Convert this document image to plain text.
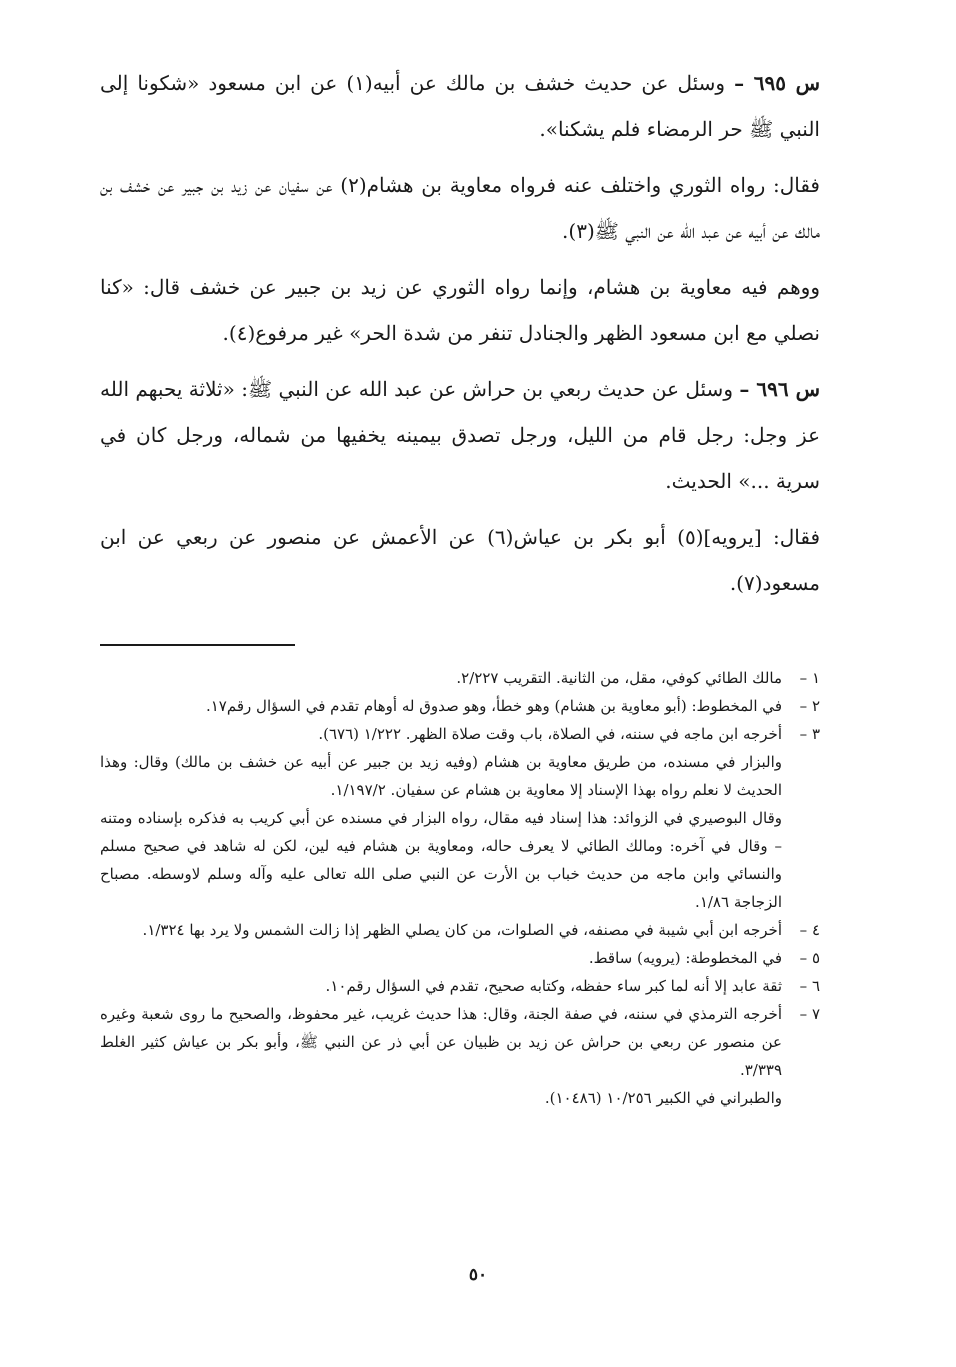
س ٦٩٥ – وسئل عن حديث خشف بن مالك عن أبيه(١) عن ابن مسعود «شكونا إلى النبي ﷺ حر الرمضاء فلم يشكنا».

فقال: رواه الثوري واختلف عنه فرواه معاوية بن هشام(٢) عن سفيان عن زيد بن جبير عن خشف بن مالك عن أبيه عن عبد الله عن النبي ﷺ(٣).

ووهم فيه معاوية بن هشام، وإنما رواه الثوري عن زيد بن جبير عن خشف قال: «كنا نصلي مع ابن مسعود الظهر والجنادل تنفر من شدة الحر» غير مرفوع(٤).

س ٦٩٦ – وسئل عن حديث ربعي بن حراش عن عبد الله عن النبي ﷺ: «ثلاثة يحبهم الله عز وجل: رجل قام من الليل، ورجل تصدق بيمينه يخفيها من شماله، ورجل كان في سرية ...» الحديث.

فقال: [يرويه](٥) أبو بكر بن عياش(٦) عن الأعمش عن منصور عن ربعي عن ابن مسعود(٧).

١ –

مالك الطائي كوفي، مقل، من الثانية. التقريب ٢/٢٢٧.

٢ –

في المخطوط: (أبو معاوية بن هشام) وهو خطأ، وهو صدوق له أوهام تقدم في السؤال رقم١٧.

٣ –

أخرجه ابن ماجه في سننه، في الصلاة، باب وقت صلاة الظهر. ١/٢٢٢ (٦٧٦).

والبزار في مسنده، من طريق معاوية بن هشام (وفيه زيد بن جبير عن أبيه عن خشف بن مالك) وقال: وهذا الحديث لا نعلم رواه بهذا الإسناد إلا معاوية بن هشام عن سفيان. ١/١٩٧/٢.

وقال البوصيري في الزوائد: هذا إسناد فيه مقال، رواه البزار في مسنده عن أبي كريب به فذكره بإسناده ومتنه – وقال في آخره: ومالك الطائي لا يعرف حاله، ومعاوية بن هشام فيه لين، لكن له شاهد في صحيح مسلم والنسائي وابن ماجه من حديث خباب بن الأرت عن النبي صلى الله تعالى عليه وآله وسلم لاوسطه. مصباح الزجاجة ١/٨٦.

٤ –

أخرجه ابن أبي شيبة في مصنفه، في الصلوات، من كان يصلي الظهر إذا زالت الشمس ولا يرد بها ١/٣٢٤.

٥ –

في المخطوطة: (يرويه) ساقط.

٦ –

ثقة عابد إلا أنه لما كبر ساء حفظه، وكتابه صحيح، تقدم في السؤال رقم١٠.

٧ –

أخرجه الترمذي في سننه، في صفة الجنة، وقال: هذا حديث غريب، غير محفوظ، والصحيح ما روى شعبة وغيره عن منصور عن ربعي بن حراش عن زيد بن ظبيان عن أبي ذر عن النبي ﷺ، وأبو بكر بن عياش كثير الغلط ٣/٣٣٩.

والطبراني في الكبير ١٠/٢٥٦ (١٠٤٨٦).

٥٠
